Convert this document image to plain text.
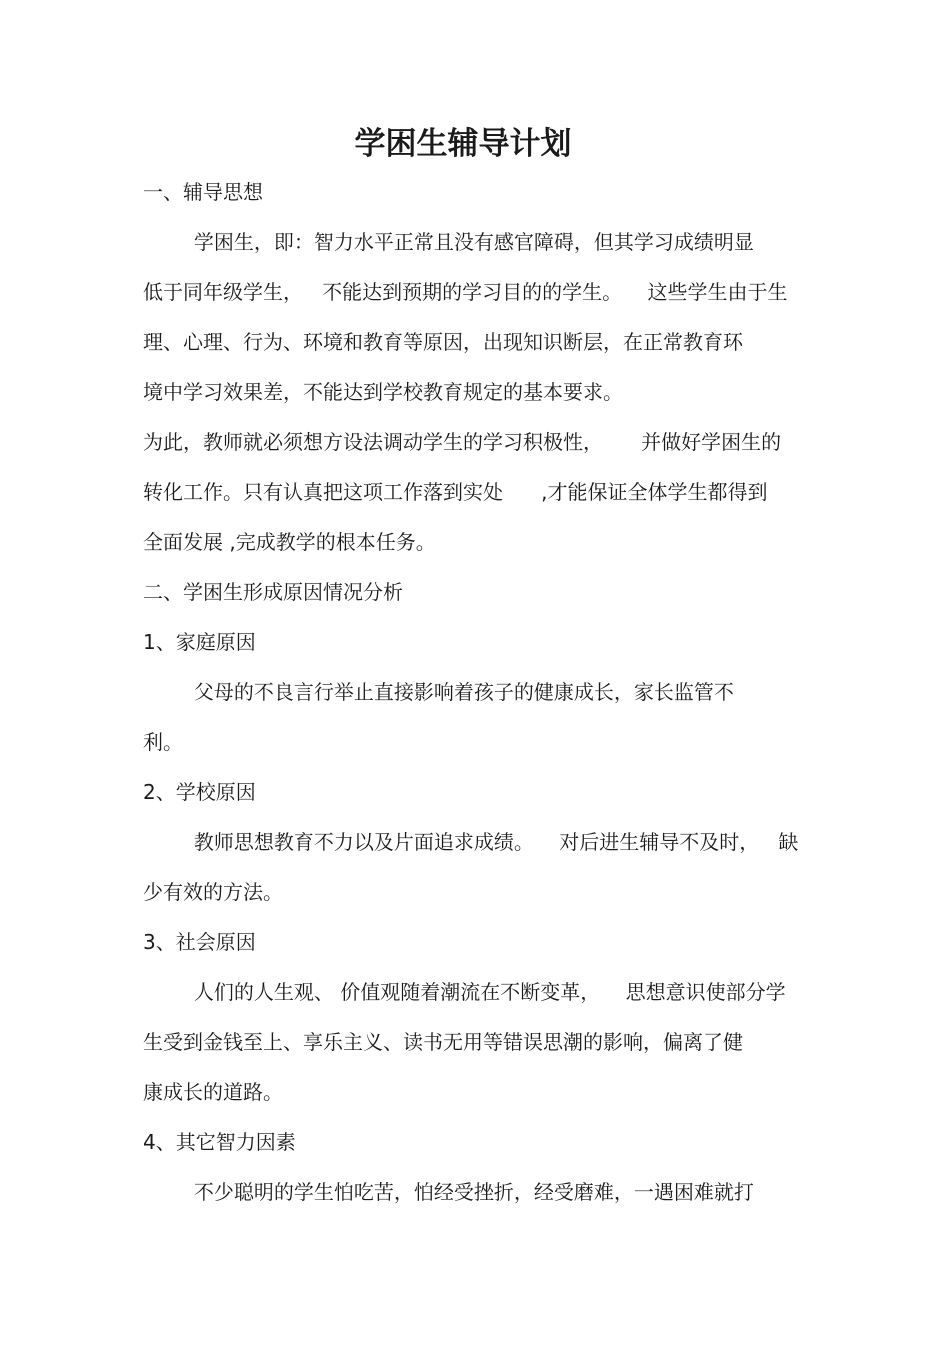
学困生辅导计划

一、辅导思想

学困生，即：智力水平正常且没有感官障碍，但其学习成绩明显

低于同年级学生，   不能达到预期的学习目的的学生。    这些学生由于生

理、心理、行为、环境和教育等原因，出现知识断层，在正常教育环

境中学习效果差，不能达到学校教育规定的基本要求。

为此，教师就必须想方设法调动学生的学习积极性，      并做好学困生的

转化工作。只有认真把这项工作落到实处      ,才能保证全体学生都得到

全面发展 ,完成教学的根本任务。

二、学困生形成原因情况分析

1、家庭原因

父母的不良言行举止直接影响着孩子的健康成长，家长监管不

利。

2、学校原因

教师思想教育不力以及片面追求成绩。    对后进生辅导不及时，   缺

少有效的方法。

3、社会原因

人们的人生观、 价值观随着潮流在不断变革，    思想意识使部分学

生受到金钱至上、享乐主义、读书无用等错误思潮的影响，偏离了健

康成长的道路。

4、其它智力因素

不少聪明的学生怕吃苦，怕经受挫折，经受磨难，一遇困难就打
